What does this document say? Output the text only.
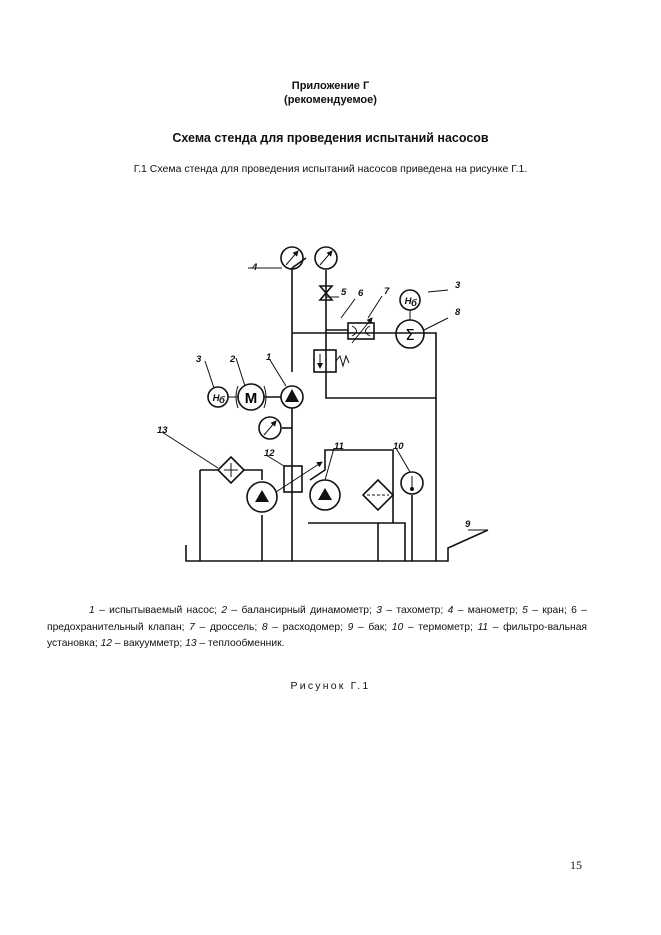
Приложение Г
(рекомендуемое)
Схема стенда для проведения испытаний насосов
Г.1 Схема стенда для проведения испытаний насосов приведена на рисунке Г.1.
Σ
H б
M
H б
4
5 6 7
3
8
3	2	1
13
12
11	10
9
1 – испытываемый насос; 2 – балансирный динамометр; 3 – тахометр; 4 – манометр; 5 – кран; 6 – предохранительный клапан; 7 – дроссель; 8 – расходомер; 9 – бак; 10 – термометр; 11 – фильтро-вальная установка; 12 – вакуумметр; 13 – теплообменник.
Рисунок Г.1
15
